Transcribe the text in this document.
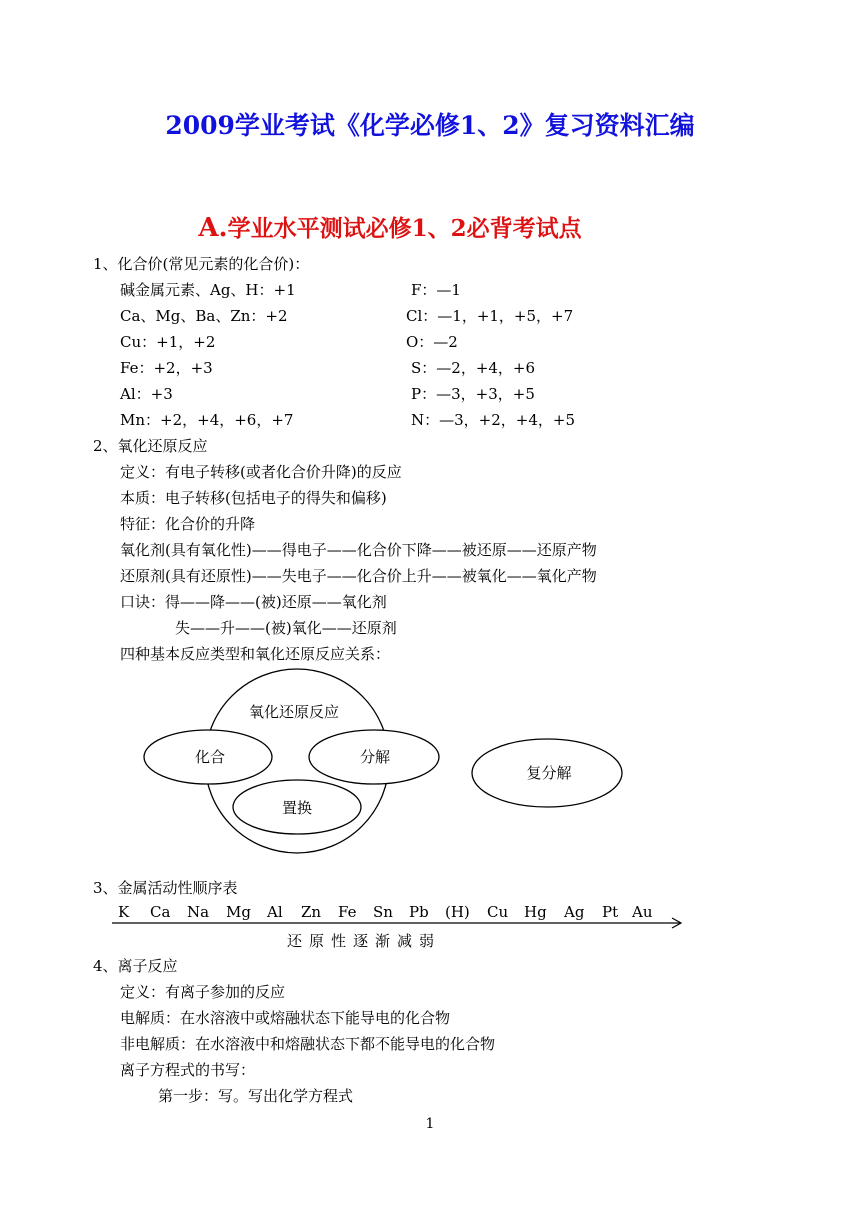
2009学业考试《化学必修1、2》复习资料汇编
A.学业水平测试必修1、2必背考试点
1、化合价(常见元素的化合价)：
碱金属元素、Ag、H：+1	F：—1
Ca、Mg、Ba、Zn：+2	Cl：—1，+1，+5，+7
Cu：+1，+2	O：—2
Fe：+2，+3	S：—2，+4，+6
Al：+3	P：—3，+3，+5
Mn：+2，+4，+6，+7	N：—3，+2，+4，+5
2、氧化还原反应
定义：有电子转移(或者化合价升降)的反应
本质：电子转移(包括电子的得失和偏移)
特征：化合价的升降
氧化剂(具有氧化性)——得电子——化合价下降——被还原——还原产物
还原剂(具有还原性)——失电子——化合价上升——被氧化——氧化产物
口诀：得——降——(被)还原——氧化剂
失——升——(被)氧化——还原剂
四种基本反应类型和氧化还原反应关系：
氧化还原反应
化合	分解
置换
复分解
3、金属活动性顺序表
K Ca Na Mg Al Zn Fe Sn Pb (H) Cu Hg Ag Pt Au
还原性逐渐减弱
4、离子反应
定义：有离子参加的反应
电解质：在水溶液中或熔融状态下能导电的化合物
非电解质：在水溶液中和熔融状态下都不能导电的化合物
离子方程式的书写：
第一步：写。写出化学方程式
1
